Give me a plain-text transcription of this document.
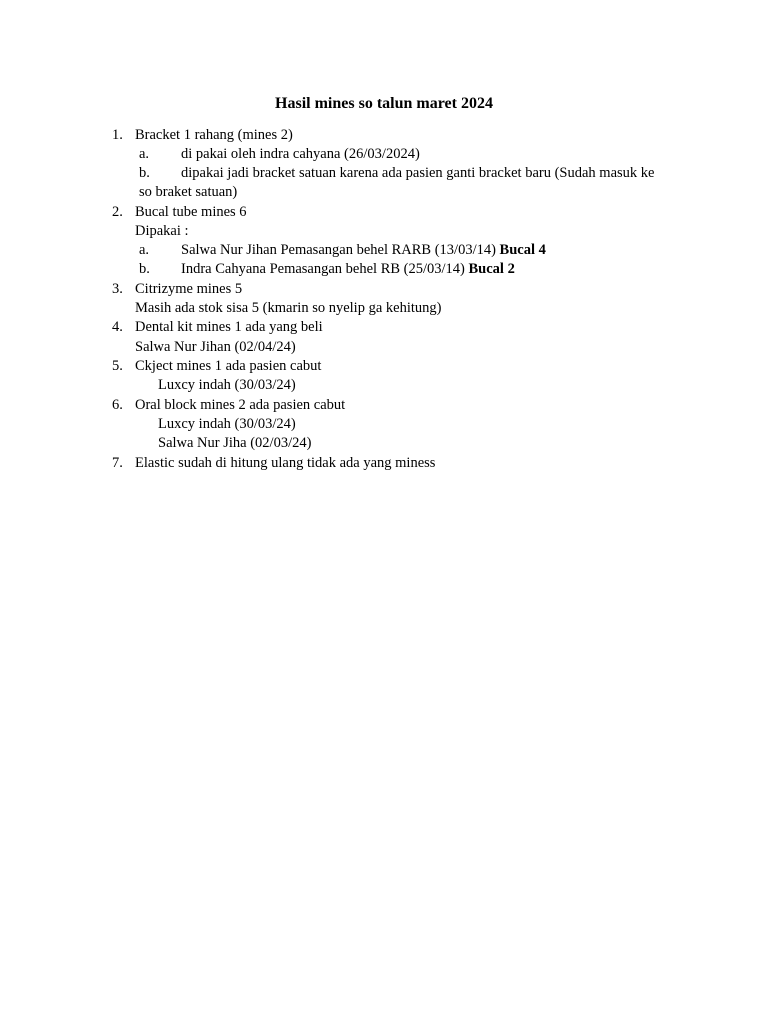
Hasil mines so talun maret 2024
1. Bracket 1 rahang (mines 2)
a. di pakai oleh indra cahyana (26/03/2024)
b. dipakai jadi bracket satuan karena ada pasien ganti bracket baru (Sudah masuk ke
so braket satuan)
2. Bucal tube mines 6
Dipakai :
a. Salwa Nur Jihan Pemasangan behel RARB (13/03/14) Bucal 4
b. Indra Cahyana Pemasangan behel RB (25/03/14) Bucal 2
3. Citrizyme mines 5
Masih ada stok sisa 5 (kmarin so nyelip ga kehitung)
4. Dental kit mines 1 ada yang beli
Salwa Nur Jihan (02/04/24)
5. Ckject mines 1 ada pasien cabut
Luxcy indah (30/03/24)
6. Oral block mines 2 ada pasien cabut
Luxcy indah (30/03/24)
Salwa Nur Jiha (02/03/24)
7. Elastic sudah di hitung ulang tidak ada yang miness
